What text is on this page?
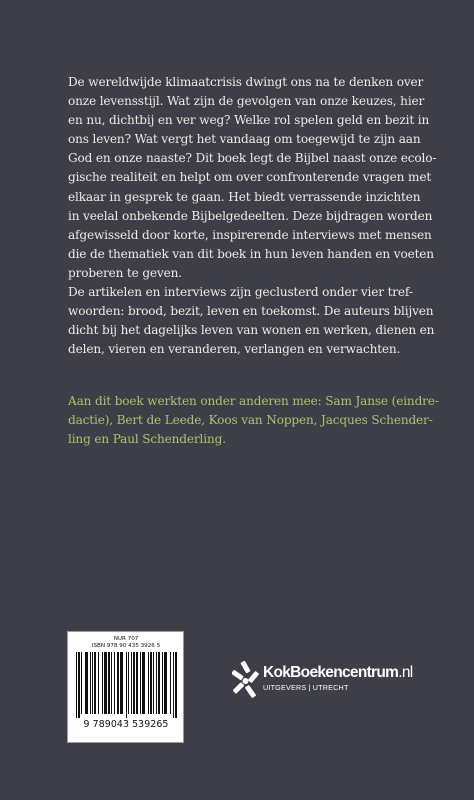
De wereldwijde klimaatcrisis dwingt ons na te denken over
onze levensstijl. Wat zijn de gevolgen van onze keuzes, hier
en nu, dichtbij en ver weg? Welke rol spelen geld en bezit in
ons leven? Wat vergt het vandaag om toegewijd te zijn aan
God en onze naaste? Dit boek legt de Bijbel naast onze ecolo-
gische realiteit en helpt om over confronterende vragen met
elkaar in gesprek te gaan. Het biedt verrassende inzichten
in veelal onbekende Bijbelgedeelten. Deze bijdragen worden
afgewisseld door korte, inspirerende interviews met mensen
die de thematiek van dit boek in hun leven handen en voeten
proberen te geven.

De artikelen en interviews zijn geclusterd onder vier tref-
woorden: brood, bezit, leven en toekomst. De auteurs blijven
dicht bij het dagelijks leven van wonen en werken, dienen en
delen, vieren en veranderen, verlangen en verwachten.

Aan dit boek werkten onder anderen mee: Sam Janse (eindre-
dactie), Bert de Leede, Koos van Noppen, Jacques Schender-
ling en Paul Schenderling.
NUR 707
ISBN 978 90 435 3926 5
9 789043 539265
KokBoekencentrum.nl
UITGEVERS | UTRECHT
